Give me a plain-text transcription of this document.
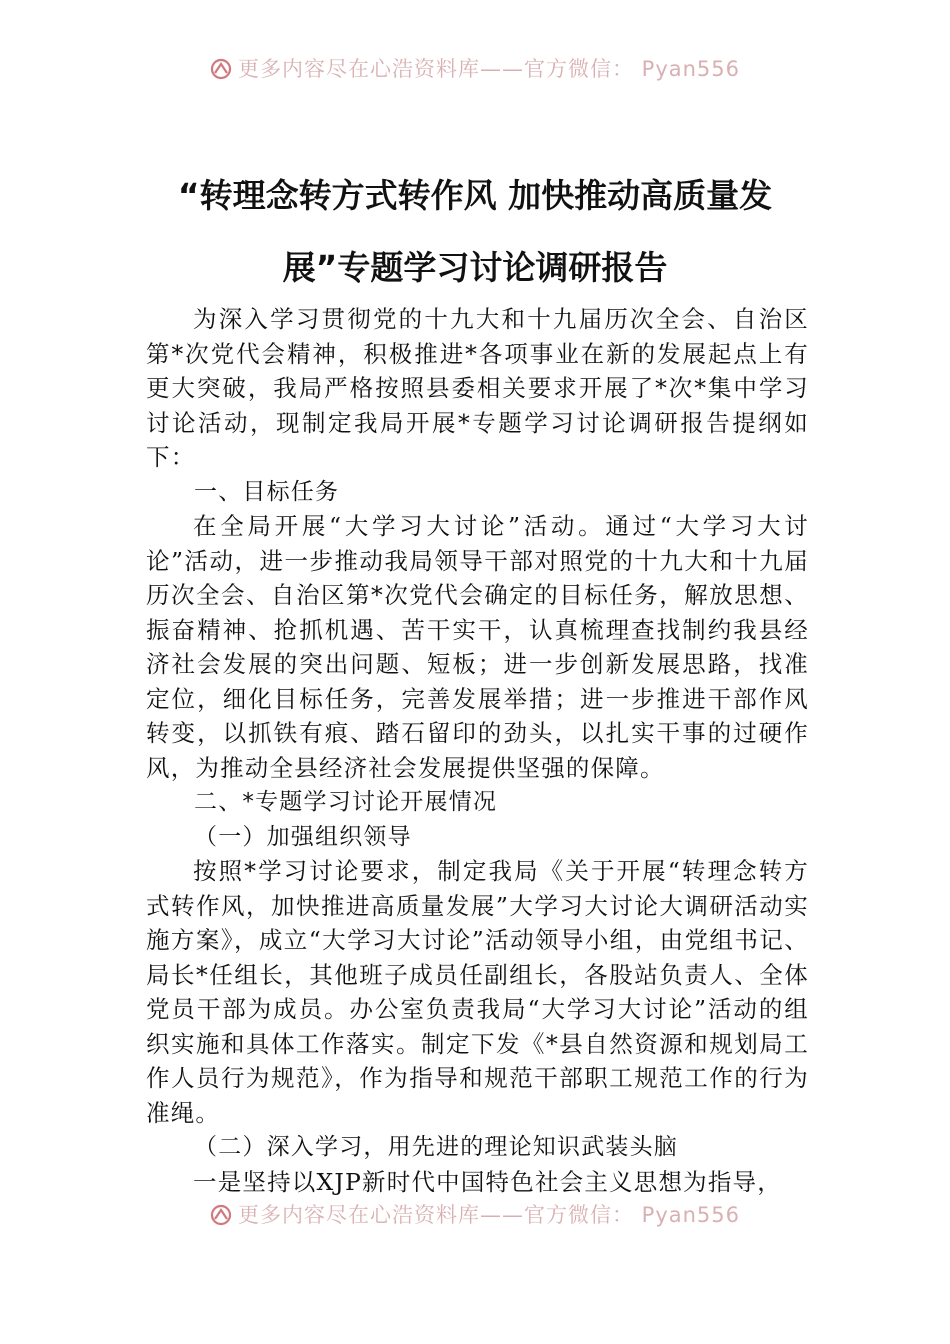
更多内容尽在心浩资料库——官方微信： Pyan556
“转理念转方式转作风 加快推动高质量发
展”专题学习讨论调研报告

为深入学习贯彻党的十九大和十九届历次全会、自治区第*次党代会精神，积极推进*各项事业在新的发展起点上有更大突破，我局严格按照县委相关要求开展了*次*集中学习讨论活动，现制定我局开展*专题学习讨论调研报告提纲如下：

一、目标任务

在全局开展“大学习大讨论”活动。通过“大学习大讨论”活动，进一步推动我局领导干部对照党的十九大和十九届历次全会、自治区第*次党代会确定的目标任务，解放思想、振奋精神、抢抓机遇、苦干实干，认真梳理查找制约我县经济社会发展的突出问题、短板；进一步创新发展思路，找准定位，细化目标任务，完善发展举措；进一步推进干部作风转变，以抓铁有痕、踏石留印的劲头，以扎实干事的过硬作风，为推动全县经济社会发展提供坚强的保障。

二、*专题学习讨论开展情况
（一）加强组织领导

按照*学习讨论要求，制定我局《关于开展“转理念转方式转作风，加快推进高质量发展”大学习大讨论大调研活动实施方案》，成立“大学习大讨论”活动领导小组，由党组书记、局长*任组长，其他班子成员任副组长，各股站负责人、全体党员干部为成员。办公室负责我局“大学习大讨论”活动的组织实施和具体工作落实。制定下发《*县自然资源和规划局工作人员行为规范》，作为指导和规范干部职工规范工作的行为准绳。

（二）深入学习，用先进的理论知识武装头脑

一是坚持以XJP新时代中国特色社会主义思想为指导，

更多内容尽在心浩资料库——官方微信： Pyan556
